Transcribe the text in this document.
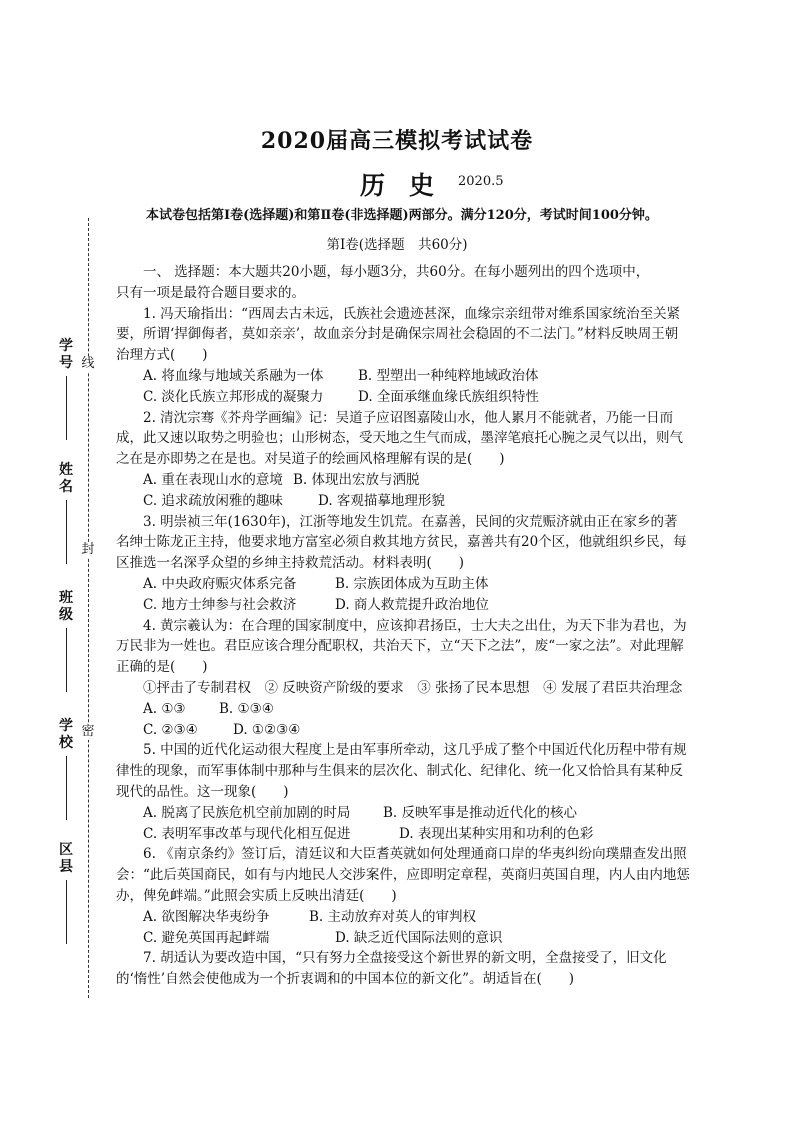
线
封
密
学号
姓名
班级
学校
区县
2020届高三模拟考试试卷
历史 2020.5
本试卷包括第Ⅰ卷(选择题)和第Ⅱ卷(非选择题)两部分。满分120分，考试时间100分钟。
第Ⅰ卷(选择题　共60分)

一、 选择题：本大题共20小题，每小题3分，共60分。在每小题列出的四个选项中，

只有一项是最符合题目要求的。

1. 冯天瑜指出：“西周去古未远，氏族社会遗迹甚深，血缘宗亲纽带对维系国家统治至关紧要，所谓‘捍御侮者，莫如亲亲’，故血亲分封是确保宗周社会稳固的不二法门。”材料反映周王朝治理方式(　　)

A. 将血缘与地域关系融为一体	B. 型塑出一种纯粹地域政治体
C. 淡化氏族立邦形成的凝聚力	D. 全面承继血缘氏族组织特性

2. 清沈宗骞《芥舟学画编》记：吴道子应诏图嘉陵山水，他人累月不能就者，乃能一日而成，此又速以取势之明验也；山形树态，受天地之生气而成，墨滓笔痕托心腕之灵气以出，则气之在是亦即势之在是也。对吴道子的绘画风格理解有误的是(　　)

A. 重在表现山水的意境 B. 体现出宏放与洒脱
C. 追求疏放闲雅的趣味	D. 客观描摹地理形貌

3. 明崇祯三年(1630年)，江浙等地发生饥荒。在嘉善，民间的灾荒赈济就由正在家乡的著名绅士陈龙正主持，他要求地方富室必须自救其地方贫民，嘉善共有20个区，他就组织乡民，每区推选一名深孚众望的乡绅主持救荒活动。材料表明(　　)

A. 中央政府赈灾体系完备	B. 宗族团体成为互助主体
C. 地方士绅参与社会救济	D. 商人救荒提升政治地位

4. 黄宗羲认为：在合理的国家制度中，应该抑君扬臣，士大夫之出仕，为天下非为君也，为万民非为一姓也。君臣应该合理分配职权，共治天下，立“天下之法”，废“一家之法”。对此理解正确的是(　　)

①抨击了专制君权　② 反映资产阶级的要求　③ 张扬了民本思想　④ 发展了君臣共治理念

A. ①③	B. ①③④
C. ②③④	D. ①②③④

5. 中国的近代化运动很大程度上是由军事所牵动，这几乎成了整个中国近代化历程中带有规律性的现象，而军事体制中那种与生俱来的层次化、制式化、纪律化、统一化又恰恰具有某种反现代的品性。这一现象(　　)

A. 脱离了民族危机空前加剧的时局	B. 反映军事是推动近代化的核心
C. 表明军事改革与现代化相互促进	D. 表现出某种实用和功利的色彩

6. 《南京条约》签订后，清廷议和大臣耆英就如何处理通商口岸的华夷纠纷向璞鼎查发出照会：“此后英国商民，如有与内地民人交涉案件，应即明定章程，英商归英国自理，内人由内地惩办，俾免衅端。”此照会实质上反映出清廷(　　)

A. 欲图解决华夷纷争	B. 主动放弃对英人的审判权
C. 避免英国再起衅端	D. 缺乏近代国际法则的意识

7. 胡适认为要改造中国，“只有努力全盘接受这个新世界的新文明，全盘接受了，旧文化的‘惰性’自然会使他成为一个折衷调和的中国本位的新文化”。胡适旨在(　　)
